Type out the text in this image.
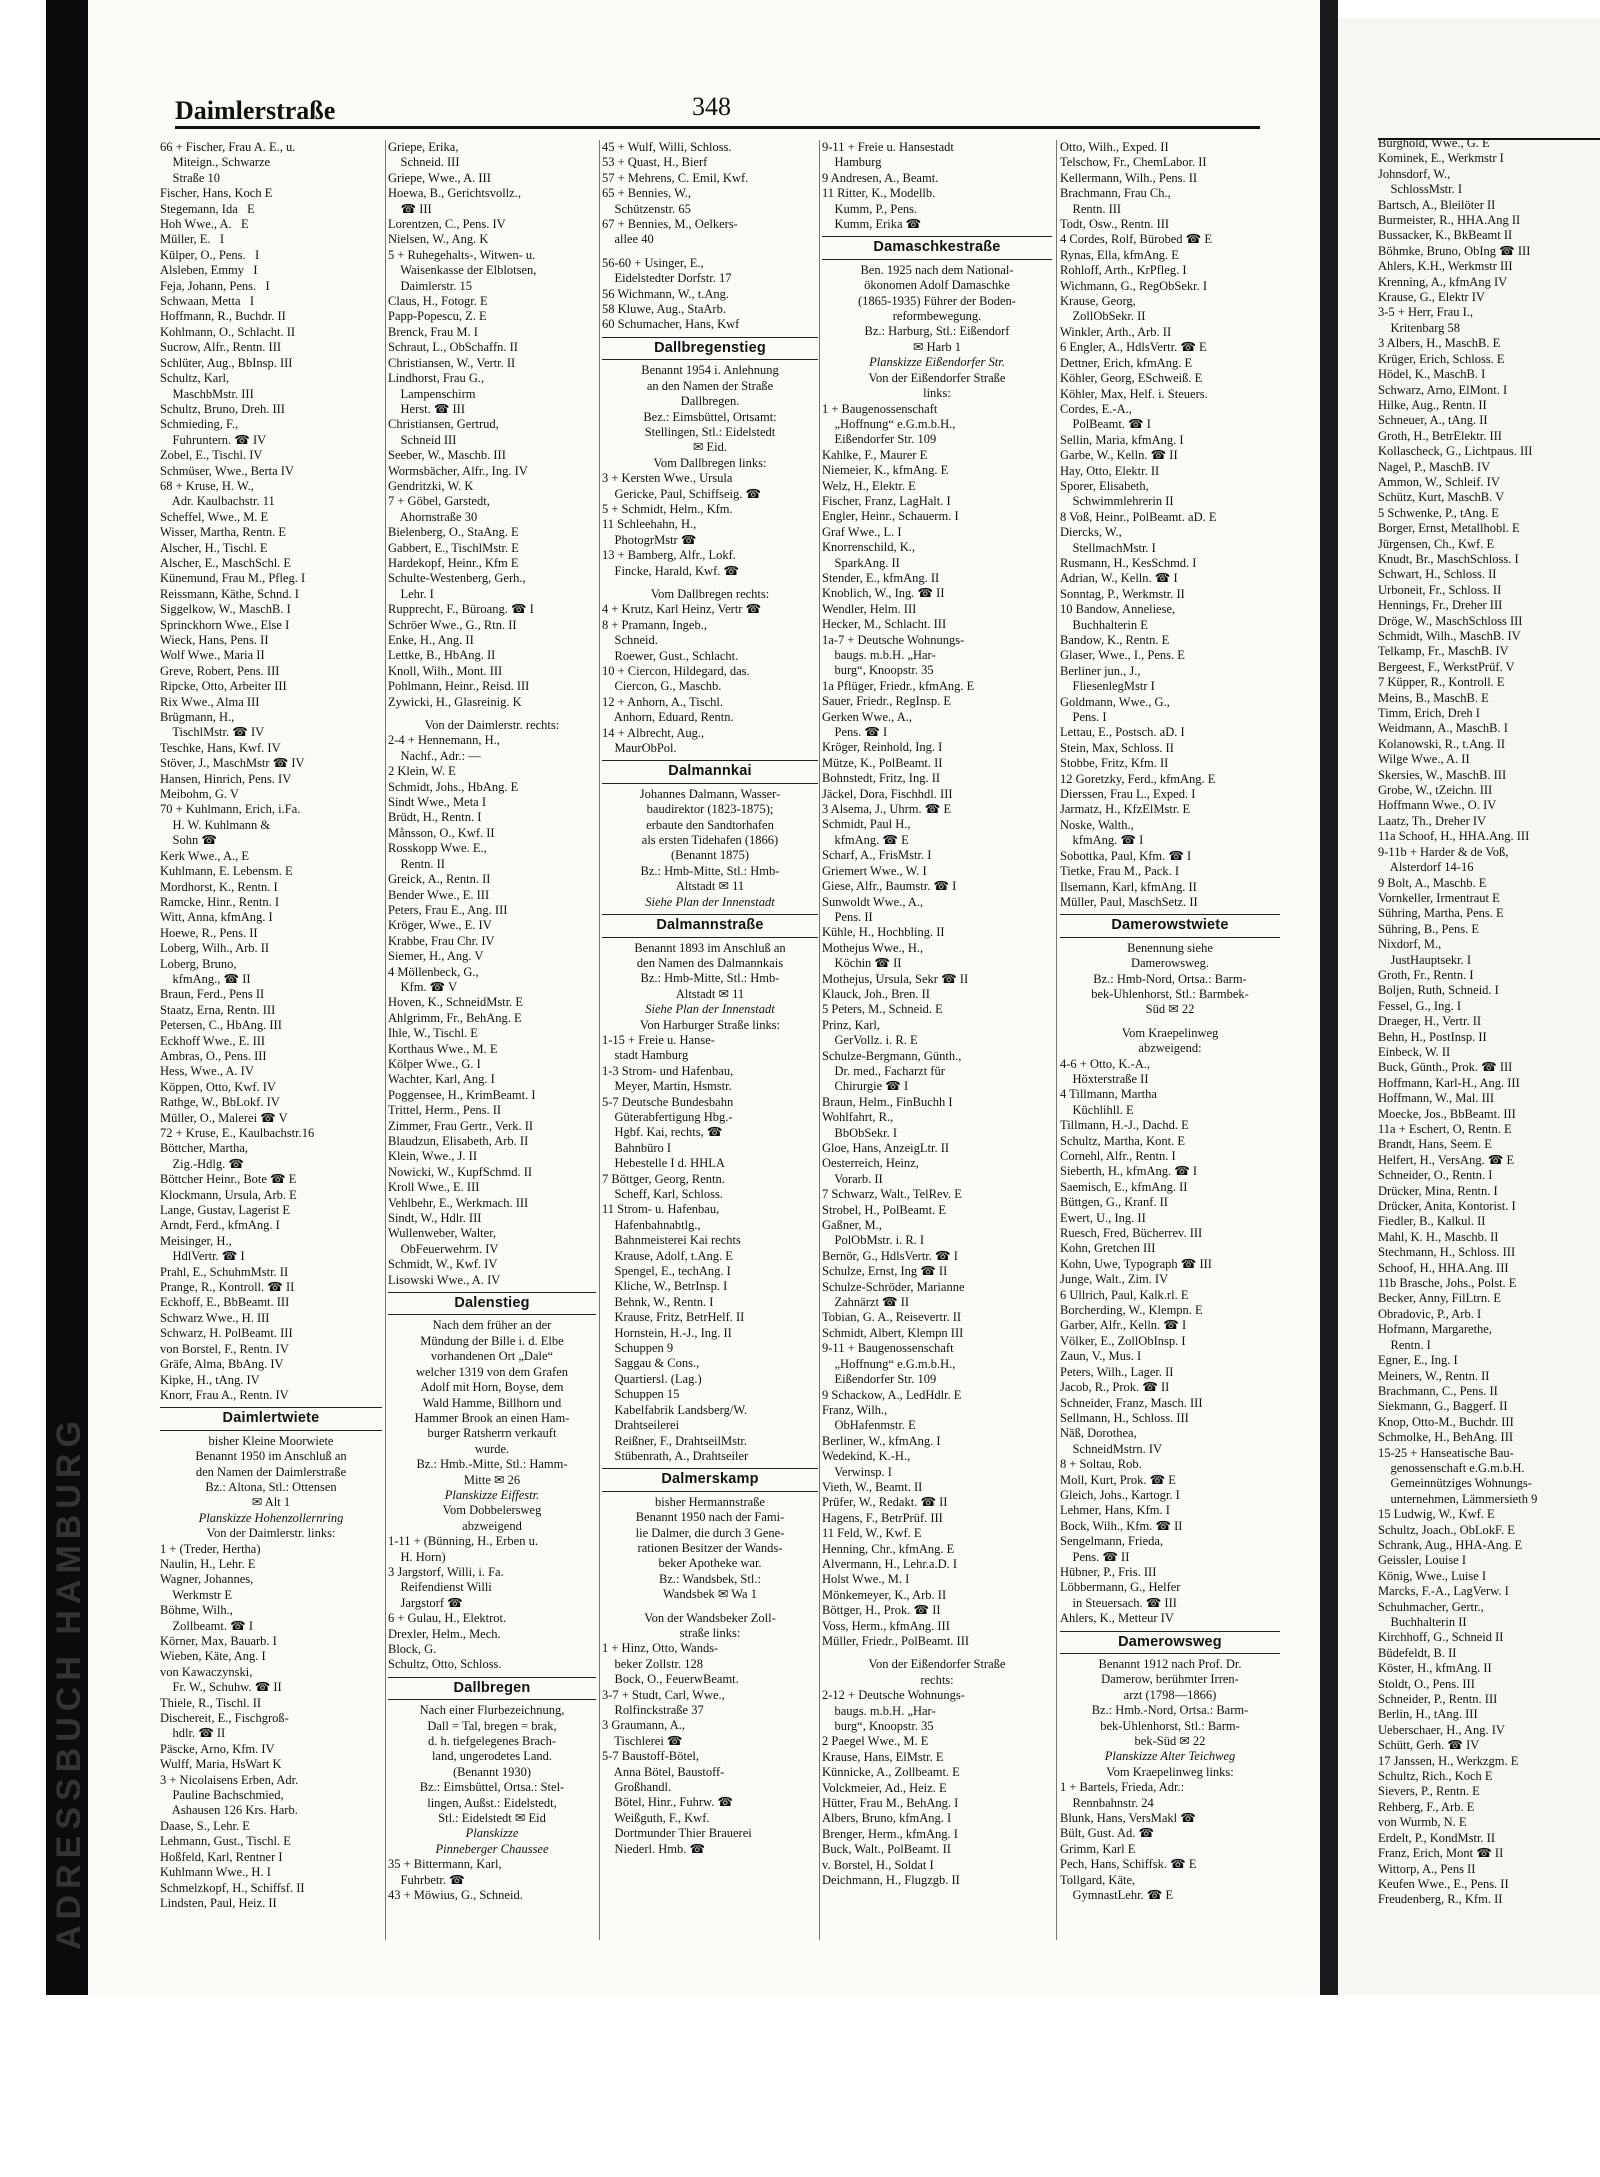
ADRESSBUCH HAMBURG
Daimlerstraße	348
66 + Fischer, Frau A. E., u.
Miteign., Schwarze
Straße 10
Fischer, Hans, Koch E
Stegemann, Ida   E
Hoh Wwe., A.   E
Müller, E.   I
Külper, O., Pens.   I
Alsleben, Emmy   I
Feja, Johann, Pens.   I
Schwaan, Metta   I
Hoffmann, R., Buchdr. II
Kohlmann, O., Schlacht. II
Sucrow, Alfr., Rentn. III
Schlüter, Aug., BbInsp. III
Schultz, Karl,
MaschbMstr. III
Schultz, Bruno, Dreh. III
Schmieding, F.,
Fuhruntern. ☎ IV
Zobel, E., Tischl. IV
Schmüser, Wwe., Berta IV
68 + Kruse, H. W.,
Adr. Kaulbachstr. 11
Scheffel, Wwe., M. E
Wisser, Martha, Rentn. E
Alscher, H., Tischl. E
Alscher, E., MaschSchl. E
Künemund, Frau M., Pfleg. I
Reissmann, Käthe, Schnd. I
Siggelkow, W., MaschB. I
Sprinckhorn Wwe., Else I
Wieck, Hans, Pens. II
Wolf Wwe., Maria II
Greve, Robert, Pens. III
Ripcke, Otto, Arbeiter III
Rix Wwe., Alma III
Brügmann, H.,
TischlMstr. ☎ IV
Teschke, Hans, Kwf. IV
Stöver, J., MaschMstr ☎ IV
Hansen, Hinrich, Pens. IV
Meibohm, G. V
70 + Kuhlmann, Erich, i.Fa.
H. W. Kuhlmann &
Sohn ☎
Kerk Wwe., A., E
Kuhlmann, E. Lebensm. E
Mordhorst, K., Rentn. I
Ramcke, Hinr., Rentn. I
Witt, Anna, kfmAng. I
Hoewe, R., Pens. II
Loberg, Wilh., Arb. II
Loberg, Bruno,
kfmAng., ☎ II
Braun, Ferd., Pens II
Staatz, Erna, Rentn. III
Petersen, C., HbAng. III
Eckhoff Wwe., E. III
Ambras, O., Pens. III
Hess, Wwe., A. IV
Köppen, Otto, Kwf. IV
Rathge, W., BbLokf. IV
Müller, O., Malerei ☎ V
72 + Kruse, E., Kaulbachstr.16
Böttcher, Martha,
Zig.-Hdlg. ☎
Böttcher Heinr., Bote ☎ E
Klockmann, Ursula, Arb. E
Lange, Gustav, Lagerist E
Arndt, Ferd., kfmAng. I
Meisinger, H.,
HdlVertr. ☎ I
Prahl, E., SchuhmMstr. II
Prange, R., Kontroll. ☎ II
Eckhoff, E., BbBeamt. III
Schwarz Wwe., H. III
Schwarz, H. PolBeamt. III
von Borstel, F., Rentn. IV
Gräfe, Alma, BbAng. IV
Kipke, H., tAng. IV
Knorr, Frau A., Rentn. IV
Daimlertwiete
bisher Kleine Moorwiete
Benannt 1950 im Anschluß an
den Namen der Daimlerstraße
Bz.: Altona, Stl.: Ottensen
✉ Alt 1
Planskizze Hohenzollernring
Von der Daimlerstr. links:
1 + (Treder, Hertha)
Naulin, H., Lehr. E
Wagner, Johannes,
Werkmstr E
Böhme, Wilh.,
Zollbeamt. ☎ I
Körner, Max, Bauarb. I
Wieben, Käte, Ang. I
von Kawaczynski,
Fr. W., Schuhw. ☎ II
Thiele, R., Tischl. II
Dischereit, E., Fischgroß-
hdlr. ☎ II
Päscke, Arno, Kfm. IV
Wulff, Maria, HsWart K
3 + Nicolaisens Erben, Adr.
Pauline Bachschmied,
Ashausen 126 Krs. Harb.
Daase, S., Lehr. E
Lehmann, Gust., Tischl. E
Hoßfeld, Karl, Rentner I
Kuhlmann Wwe., H. I
Schmelzkopf, H., Schiffsf. II
Lindsten, Paul, Heiz. II
Griepe, Erika,
Schneid. III
Griepe, Wwe., A. III
Hoewa, B., Gerichtsvollz.,
☎ III
Lorentzen, C., Pens. IV
Nielsen, W., Ang. K
5 + Ruhegehalts-, Witwen- u.
Waisenkasse der Elblotsen,
Daimlerstr. 15
Claus, H., Fotogr. E
Papp-Popescu, Z. E
Brenck, Frau M. I
Schraut, L., ObSchaffn. II
Christiansen, W., Vertr. II
Lindhorst, Frau G.,
Lampenschirm
Herst. ☎ III
Christiansen, Gertrud,
Schneid III
Seeber, W., Maschb. III
Wormsbächer, Alfr., Ing. IV
Gendritzki, W. K
7 + Göbel, Garstedt,
Ahornstraße 30
Bielenberg, O., StaAng. E
Gabbert, E., TischlMstr. E
Hardekopf, Heinr., Kfm E
Schulte-Westenberg, Gerh.,
Lehr. I
Rupprecht, F., Büroang. ☎ I
Schröer Wwe., G., Rtn. II
Enke, H., Ang. II
Lettke, B., HbAng. II
Knoll, Wilh., Mont. III
Pohlmann, Heinr., Reisd. III
Zywicki, H., Glasreinig. K
Von der Daimlerstr. rechts:
2-4 + Hennemann, H.,
Nachf., Adr.: —
2 Klein, W. E
Schmidt, Johs., HbAng. E
Sindt Wwe., Meta I
Brüdt, H., Rentn. I
Månsson, O., Kwf. II
Rosskopp Wwe. E.,
Rentn. II
Greick, A., Rentn. II
Bender Wwe., E. III
Peters, Frau E., Ang. III
Kröger, Wwe., E. IV
Krabbe, Frau Chr. IV
Siemer, H., Ang. V
4 Möllenbeck, G.,
Kfm. ☎ V
Hoven, K., SchneidMstr. E
Ahlgrimm, Fr., BehAng. E
Ihle, W., Tischl. E
Korthaus Wwe., M. E
Kölper Wwe., G. I
Wachter, Karl, Ang. I
Poggensee, H., KrimBeamt. I
Trittel, Herm., Pens. II
Zimmer, Frau Gertr., Verk. II
Blaudzun, Elisabeth, Arb. II
Klein, Wwe., J. II
Nowicki, W., KupfSchmd. II
Kroll Wwe., E. III
Vehlbehr, E., Werkmach. III
Sindt, W., Hdlr. III
Wullenweber, Walter,
ObFeuerwehrm. IV
Schmidt, W., Kwf. IV
Lisowski Wwe., A. IV
Dalenstieg
Nach dem früher an der
Mündung der Bille i. d. Elbe
vorhandenen Ort „Dale“
welcher 1319 von dem Grafen
Adolf mit Horn, Boyse, dem
Wald Hamme, Billhorn und
Hammer Brook an einen Ham-
burger Ratsherrn verkauft
wurde.
Bz.: Hmb.-Mitte, Stl.: Hamm-
Mitte ✉ 26
Planskizze Eiffestr.
Vom Dobbelersweg
abzweigend
1-11 + (Bünning, H., Erben u.
H. Horn)
3 Jargstorf, Willi, i. Fa.
Reifendienst Willi
Jargstorf ☎
6 + Gulau, H., Elektrot.
Drexler, Helm., Mech.
Block, G.
Schultz, Otto, Schloss.
Dallbregen
Nach einer Flurbezeichnung,
Dall = Tal, bregen = brak,
d. h. tiefgelegenes Brach-
land, ungerodetes Land.
(Benannt 1930)
Bz.: Eimsbüttel, Ortsa.: Stel-
lingen, Außst.: Eidelstedt,
Stl.: Eidelstedt ✉ Eid
Planskizze
Pinneberger Chaussee
35 + Bittermann, Karl,
Fuhrbetr. ☎
43 + Möwius, G., Schneid.
45 + Wulf, Willi, Schloss.
53 + Quast, H., Bierf
57 + Mehrens, C. Emil, Kwf.
65 + Bennies, W.,
Schützenstr. 65
67 + Bennies, M., Oelkers-
allee 40
56-60 + Usinger, E.,
Eidelstedter Dorfstr. 17
56 Wichmann, W., t.Ang.
58 Kluwe, Aug., StaArb.
60 Schumacher, Hans, Kwf
Dallbregenstieg
Benannt 1954 i. Anlehnung
an den Namen der Straße
Dallbregen.
Bez.: Eimsbüttel, Ortsamt:
Stellingen, Stl.: Eidelstedt
✉ Eid.
Vom Dallbregen links:
3 + Kersten Wwe., Ursula
Gericke, Paul, Schiffseig. ☎
5 + Schmidt, Helm., Kfm.
11 Schleehahn, H.,
PhotogrMstr ☎
13 + Bamberg, Alfr., Lokf.
Fincke, Harald, Kwf. ☎
Vom Dallbregen rechts:
4 + Krutz, Karl Heinz, Vertr ☎
8 + Pramann, Ingeb.,
Schneid.
Roewer, Gust., Schlacht.
10 + Ciercon, Hildegard, das.
Ciercon, G., Maschb.
12 + Anhorn, A., Tischl.
Anhorn, Eduard, Rentn.
14 + Albrecht, Aug.,
MaurObPol.
Dalmannkai
Johannes Dalmann, Wasser-
baudirektor (1823-1875);
erbaute den Sandtorhafen
als ersten Tidehafen (1866)
(Benannt 1875)
Bz.: Hmb-Mitte, Stl.: Hmb-
Altstadt ✉ 11
Siehe Plan der Innenstadt
Dalmannstraße
Benannt 1893 im Anschluß an
den Namen des Dalmannkais
Bz.: Hmb-Mitte, Stl.: Hmb-
Altstadt ✉ 11
Siehe Plan der Innenstadt
Von Harburger Straße links:
1-15 + Freie u. Hanse-
stadt Hamburg
1-3 Strom- und Hafenbau,
Meyer, Martin, Hsmstr.
5-7 Deutsche Bundesbahn
Güterabfertigung Hbg.-
Hgbf. Kai, rechts, ☎
Bahnbüro I
Hebestelle I d. HHLA
7 Böttger, Georg, Rentn.
Scheff, Karl, Schloss.
11 Strom- u. Hafenbau,
Hafenbahnabtlg.,
Bahnmeisterei Kai rechts
Krause, Adolf, t.Ang. E
Spengel, E., techAng. I
Kliche, W., BetrInsp. I
Behnk, W., Rentn. I
Krause, Fritz, BetrHelf. II
Hornstein, H.-J., Ing. II
Schuppen 9
Saggau & Cons.,
Quartiersl. (Lag.)
Schuppen 15
Kabelfabrik Landsberg/W.
Drahtseilerei
Reißner, F., DrahtseilMstr.
Stübenrath, A., Drahtseiler
Dalmerskamp
bisher Hermannstraße
Benannt 1950 nach der Fami-
lie Dalmer, die durch 3 Gene-
rationen Besitzer der Wands-
beker Apotheke war.
Bz.: Wandsbek, Stl.:
Wandsbek ✉ Wa 1
Von der Wandsbeker Zoll-
straße links:
1 + Hinz, Otto, Wands-
beker Zollstr. 128
Bock, O., FeuerwBeamt.
3-7 + Studt, Carl, Wwe.,
Rolfinckstraße 37
3 Graumann, A.,
Tischlerei ☎
5-7 Baustoff-Bötel,
Anna Bötel, Baustoff-
Großhandl.
Bötel, Hinr., Fuhrw. ☎
Weißguth, F., Kwf.
Dortmunder Thier Brauerei
Niederl. Hmb. ☎
9-11 + Freie u. Hansestadt
Hamburg
9 Andresen, A., Beamt.
11 Ritter, K., Modellb.
Kumm, P., Pens.
Kumm, Erika ☎
Damaschkestraße
Ben. 1925 nach dem National-
ökonomen Adolf Damaschke
(1865-1935) Führer der Boden-
reformbewegung.
Bz.: Harburg, Stl.: Eißendorf
✉ Harb 1
Planskizze Eißendorfer Str.
Von der Eißendorfer Straße
links:
1 + Baugenossenschaft
„Hoffnung“ e.G.m.b.H.,
Eißendorfer Str. 109
Kahlke, F., Maurer E
Niemeier, K., kfmAng. E
Welz, H., Elektr. E
Fischer, Franz, LagHalt. I
Engler, Heinr., Schauerm. I
Graf Wwe., L. I
Knorrenschild, K.,
SparkAng. II
Stender, E., kfmAng. II
Knoblich, W., Ing. ☎ II
Wendler, Helm. III
Hecker, M., Schlacht. III
1a-7 + Deutsche Wohnungs-
baugs. m.b.H. „Har-
burg“, Knoopstr. 35
1a Pflüger, Friedr., kfmAng. E
Sauer, Friedr., RegInsp. E
Gerken Wwe., A.,
Pens. ☎ I
Kröger, Reinhold, Ing. I
Mütze, K., PolBeamt. II
Bohnstedt, Fritz, Ing. II
Jäckel, Dora, Fischhdl. III
3 Alsema, J., Uhrm. ☎ E
Schmidt, Paul H.,
kfmAng. ☎ E
Scharf, A., FrisMstr. I
Griemert Wwe., W. I
Giese, Alfr., Baumstr. ☎ I
Sunwoldt Wwe., A.,
Pens. II
Kühle, H., Hochbling. II
Mothejus Wwe., H.,
Köchin ☎ II
Mothejus, Ursula, Sekr ☎ II
Klauck, Joh., Bren. II
5 Peters, M., Schneid. E
Prinz, Karl,
GerVollz. i. R. E
Schulze-Bergmann, Günth.,
Dr. med., Facharzt für
Chirurgie ☎ I
Braun, Helm., FinBuchh I
Wohlfahrt, R.,
BbObSekr. I
Gloe, Hans, AnzeigLtr. II
Oesterreich, Heinz,
Vorarb. II
7 Schwarz, Walt., TelRev. E
Strobel, H., PolBeamt. E
Gaßner, M.,
PolObMstr. i. R. I
Bernör, G., HdlsVertr. ☎ I
Schulze, Ernst, Ing ☎ II
Schulze-Schröder, Marianne
Zahnärzt ☎ II
Tobian, G. A., Reisevertr. II
Schmidt, Albert, Klempn III
9-11 + Baugenossenschaft
„Hoffnung“ e.G.m.b.H.,
Eißendorfer Str. 109
9 Schackow, A., LedHdlr. E
Franz, Wilh.,
ObHafenmstr. E
Berliner, W., kfmAng. I
Wedekind, K.-H.,
Verwinsp. I
Vieth, W., Beamt. II
Prüfer, W., Redakt. ☎ II
Hagens, F., BetrPrüf. III
11 Feld, W., Kwf. E
Henning, Chr., kfmAng. E
Alvermann, H., Lehr.a.D. I
Holst Wwe., M. I
Mönkemeyer, K., Arb. II
Böttger, H., Prok. ☎ II
Voss, Herm., kfmAng. III
Müller, Friedr., PolBeamt. III
Von der Eißendorfer Straße
rechts:
2-12 + Deutsche Wohnungs-
baugs. m.b.H. „Har-
burg“, Knoopstr. 35
2 Paegel Wwe., M. E
Krause, Hans, ElMstr. E
Künnicke, A., Zollbeamt. E
Volckmeier, Ad., Heiz. E
Hütter, Frau M., BehAng. I
Albers, Bruno, kfmAng. I
Brenger, Herm., kfmAng. I
Buck, Walt., PolBeamt. II
v. Borstel, H., Soldat I
Deichmann, H., Flugzgb. II
Otto, Wilh., Exped. II
Telschow, Fr., ChemLabor. II
Kellermann, Wilh., Pens. II
Brachmann, Frau Ch.,
Rentn. III
Todt, Osw., Rentn. III
4 Cordes, Rolf, Bürobed ☎ E
Rynas, Ella, kfmAng. E
Rohloff, Arth., KrPfleg. I
Wichmann, G., RegObSekr. I
Krause, Georg,
ZollObSekr. II
Winkler, Arth., Arb. II
6 Engler, A., HdlsVertr. ☎ E
Dettner, Erich, kfmAng. E
Köhler, Georg, ESchweiß. E
Köhler, Max, Helf. i. Steuers.
Cordes, E.-A.,
PolBeamt. ☎ I
Sellin, Maria, kfmAng. I
Garbe, W., Kelln. ☎ II
Hay, Otto, Elektr. II
Sporer, Elisabeth,
Schwimmlehrerin II
8 Voß, Heinr., PolBeamt. aD. E
Diercks, W.,
StellmachMstr. I
Rusmann, H., KesSchmd. I
Adrian, W., Kelln. ☎ I
Sonntag, P., Werkmstr. II
10 Bandow, Anneliese,
Buchhalterin E
Bandow, K., Rentn. E
Glaser, Wwe., I., Pens. E
Berliner jun., J.,
FliesenlegMstr I
Goldmann, Wwe., G.,
Pens. I
Lettau, E., Postsch. aD. I
Stein, Max, Schloss. II
Stobbe, Fritz, Kfm. II
12 Goretzky, Ferd., kfmAng. E
Dierssen, Frau L., Exped. I
Jarmatz, H., KfzElMstr. E
Noske, Walth.,
kfmAng. ☎ I
Sobottka, Paul, Kfm. ☎ I
Tietke, Frau M., Pack. I
Ilsemann, Karl, kfmAng. II
Müller, Paul, MaschSetz. II
Damerowstwiete
Benennung siehe
Damerowsweg.
Bz.: Hmb-Nord, Ortsa.: Barm-
bek-Uhlenhorst, Stl.: Barmbek-
Süd ✉ 22
Vom Kraepelinweg
abzweigend:
4-6 + Otto, K.-A.,
Höxterstraße II
4 Tillmann, Martha
Küchlihll. E
Tillmann, H.-J., Dachd. E
Schultz, Martha, Kont. E
Cornehl, Alfr., Rentn. I
Sieberth, H., kfmAng. ☎ I
Saemisch, E., kfmAng. II
Büttgen, G., Kranf. II
Ewert, U., Ing. II
Ruesch, Fred, Bücherrev. III
Kohn, Gretchen III
Kohn, Uwe, Typograph ☎ III
Junge, Walt., Zim. IV
6 Ullrich, Paul, Kalk.rl. E
Borcherding, W., Klempn. E
Garber, Alfr., Kelln. ☎ I
Völker, E., ZollObInsp. I
Zaun, V., Mus. I
Peters, Wilh., Lager. II
Jacob, R., Prok. ☎ II
Schneider, Franz, Masch. III
Sellmann, H., Schloss. III
Näß, Dorothea,
SchneidMstrn. IV
8 + Soltau, Rob.
Moll, Kurt, Prok. ☎ E
Gleich, Johs., Kartogr. I
Lehmer, Hans, Kfm. I
Bock, Wilh., Kfm. ☎ II
Sengelmann, Frieda,
Pens. ☎ II
Hübner, P., Fris. III
Löbbermann, G., Helfer
in Steuersach. ☎ III
Ahlers, K., Metteur IV
Damerowsweg
Benannt 1912 nach Prof. Dr.
Damerow, berühmter Irren-
arzt (1798—1866)
Bz.: Hmb.-Nord, Ortsa.: Barm-
bek-Uhlenhorst, Stl.: Barm-
bek-Süd ✉ 22
Planskizze Alter Teichweg
Vom Kraepelinweg links:
1 + Bartels, Frieda, Adr.:
Rennbahnstr. 24
Blunk, Hans, VersMakl ☎
Bült, Gust. Ad. ☎
Grimm, Karl E
Pech, Hans, Schiffsk. ☎ E
Tollgard, Käte,
GymnastLehr. ☎ E
Burghold, Wwe., G. E
Kominek, E., Werkmstr I
Johnsdorf, W.,
SchlossMstr. I
Bartsch, A., Bleilöter II
Burmeister, R., HHA.Ang II
Bussacker, K., BkBeamt II
Böhmke, Bruno, ObIng ☎ III
Ahlers, K.H., Werkmstr III
Krenning, A., kfmAng IV
Krause, G., Elektr IV
3-5 + Herr, Frau I.,
Kritenbarg 58
3 Albers, H., MaschB. E
Krüger, Erich, Schloss. E
Hödel, K., MaschB. I
Schwarz, Arno, ElMont. I
Hilke, Aug., Rentn. II
Schneuer, A., tAng. II
Groth, H., BetrElektr. III
Kollascheck, G., Lichtpaus. III
Nagel, P., MaschB. IV
Ammon, W., Schleif. IV
Schütz, Kurt, MaschB. V
5 Schwenke, P., tAng. E
Borger, Ernst, Metallhobl. E
Jürgensen, Ch., Kwf. E
Knudt, Br., MaschSchloss. I
Schwart, H., Schloss. II
Urboneit, Fr., Schloss. II
Hennings, Fr., Dreher III
Dröge, W., MaschSchloss III
Schmidt, Wilh., MaschB. IV
Telkamp, Fr., MaschB. IV
Bergeest, F., WerkstPrüf. V
7 Küpper, R., Kontroll. E
Meins, B., MaschB. E
Timm, Erich, Dreh I
Weidmann, A., MaschB. I
Kolanowski, R., t.Ang. II
Wilge Wwe., A. II
Skersies, W., MaschB. III
Grobe, W., tZeichn. III
Hoffmann Wwe., O. IV
Laatz, Th., Dreher IV
11a Schoof, H., HHA.Ang. III
9-11b + Harder & de Voß,
Alsterdorf 14-16
9 Bolt, A., Maschb. E
Vornkeller, Irmentraut E
Sühring, Martha, Pens. E
Sühring, B., Pens. E
Nixdorf, M.,
JustHauptsekr. I
Groth, Fr., Rentn. I
Boljen, Ruth, Schneid. I
Fessel, G., Ing. I
Draeger, H., Vertr. II
Behn, H., PostInsp. II
Einbeck, W. II
Buck, Günth., Prok. ☎ III
Hoffmann, Karl-H., Ang. III
Hoffmann, W., Mal. III
Moecke, Jos., BbBeamt. III
11a + Eschert, O, Rentn. E
Brandt, Hans, Seem. E
Helfert, H., VersAng. ☎ E
Schneider, O., Rentn. I
Drücker, Mina, Rentn. I
Drücker, Anita, Kontorist. I
Fiedler, B., Kalkul. II
Mahl, K. H., Maschb. II
Stechmann, H., Schloss. III
Schoof, H., HHA.Ang. III
11b Brasche, Johs., Polst. E
Becker, Anny, FilLtrn. E
Obradovic, P., Arb. I
Hofmann, Margarethe,
Rentn. I
Egner, E., Ing. I
Meiners, W., Rentn. II
Brachmann, C., Pens. II
Siekmann, G., Baggerf. II
Knop, Otto-M., Buchdr. III
Schmolke, H., BehAng. III
15-25 + Hanseatische Bau-
genossenschaft e.G.m.b.H.
Gemeinnütziges Wohnungs-
unternehmen, Lämmersieth 9
15 Ludwig, W., Kwf. E
Schultz, Joach., ObLokF. E
Schrank, Aug., HHA-Ang. E
Geissler, Louise I
König, Wwe., Luise I
Marcks, F.-A., LagVerw. I
Schuhmacher, Gertr.,
Buchhalterin II
Kirchhoff, G., Schneid II
Büdefeldt, B. II
Köster, H., kfmAng. II
Stoldt, O., Pens. III
Schneider, P., Rentn. III
Berlin, H., tAng. III
Ueberschaer, H., Ang. IV
Schütt, Gerh. ☎ IV
17 Janssen, H., Werkzgm. E
Schultz, Rich., Koch E
Sievers, P., Rentn. E
Rehberg, F., Arb. E
von Wurmb, N. E
Erdelt, P., KondMstr. II
Franz, Erich, Mont ☎ II
Wittorp, A., Pens II
Keufen Wwe., E., Pens. II
Freudenberg, R., Kfm. II
